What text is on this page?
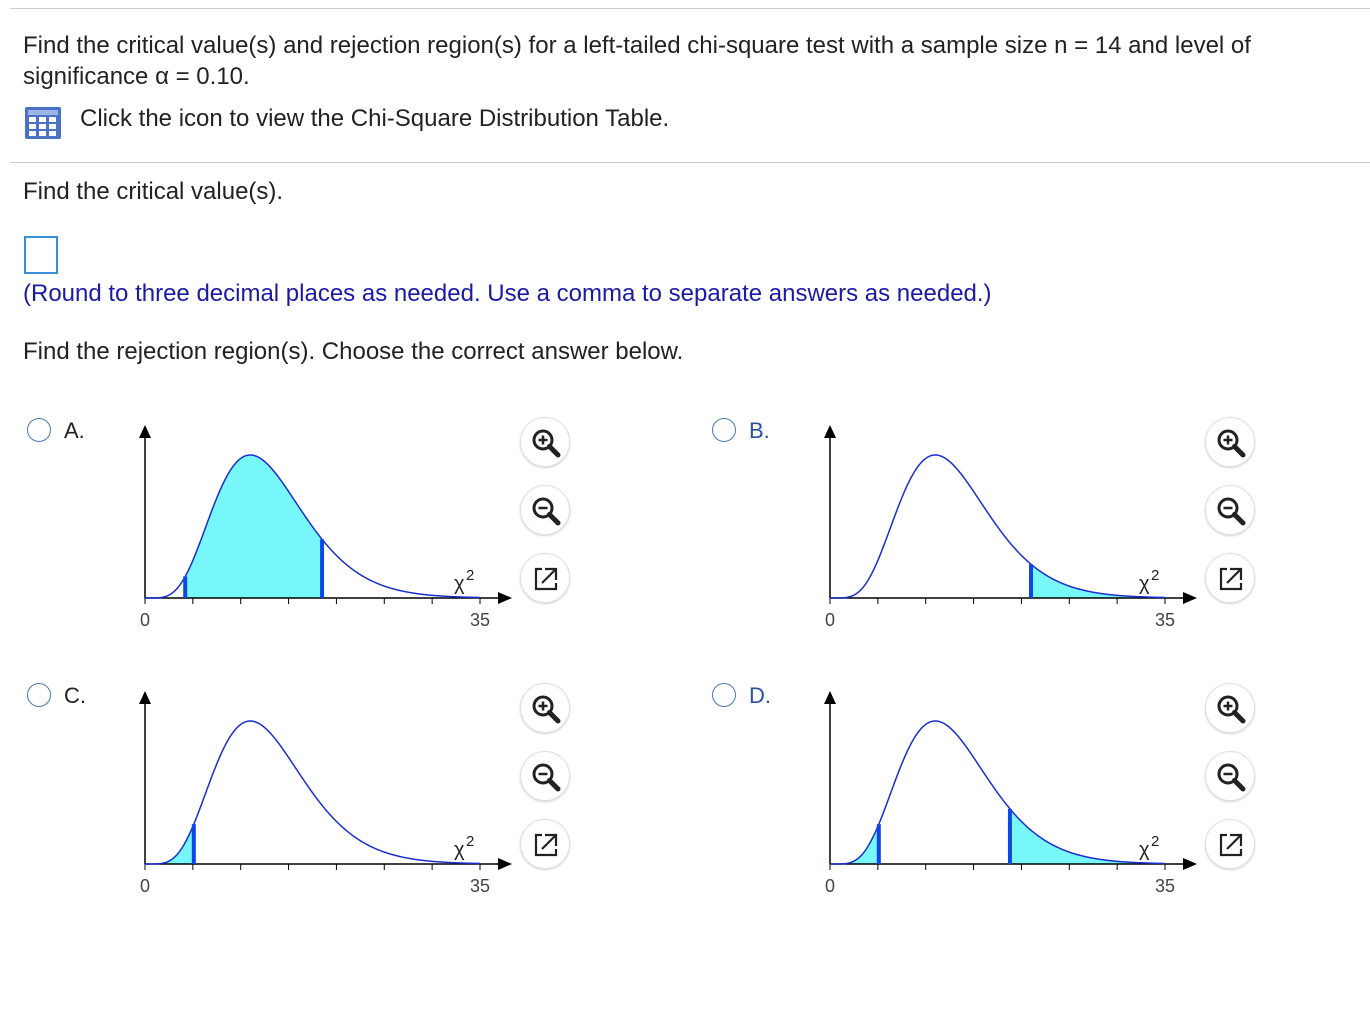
Find the critical value(s) and rejection region(s) for a left-tailed chi-square test with a sample size n = 14 and level of
significance α = 0.10.
Click the icon to view the Chi-Square Distribution Table.
Find the critical value(s).
(Round to three decimal places as needed. Use a comma to separate answers as needed.)
Find the rejection region(s). Choose the correct answer below.
A.
0	35
χ 2
B.
0	35
χ 2
C.
0	35
χ 2
D.
0	35
χ 2
